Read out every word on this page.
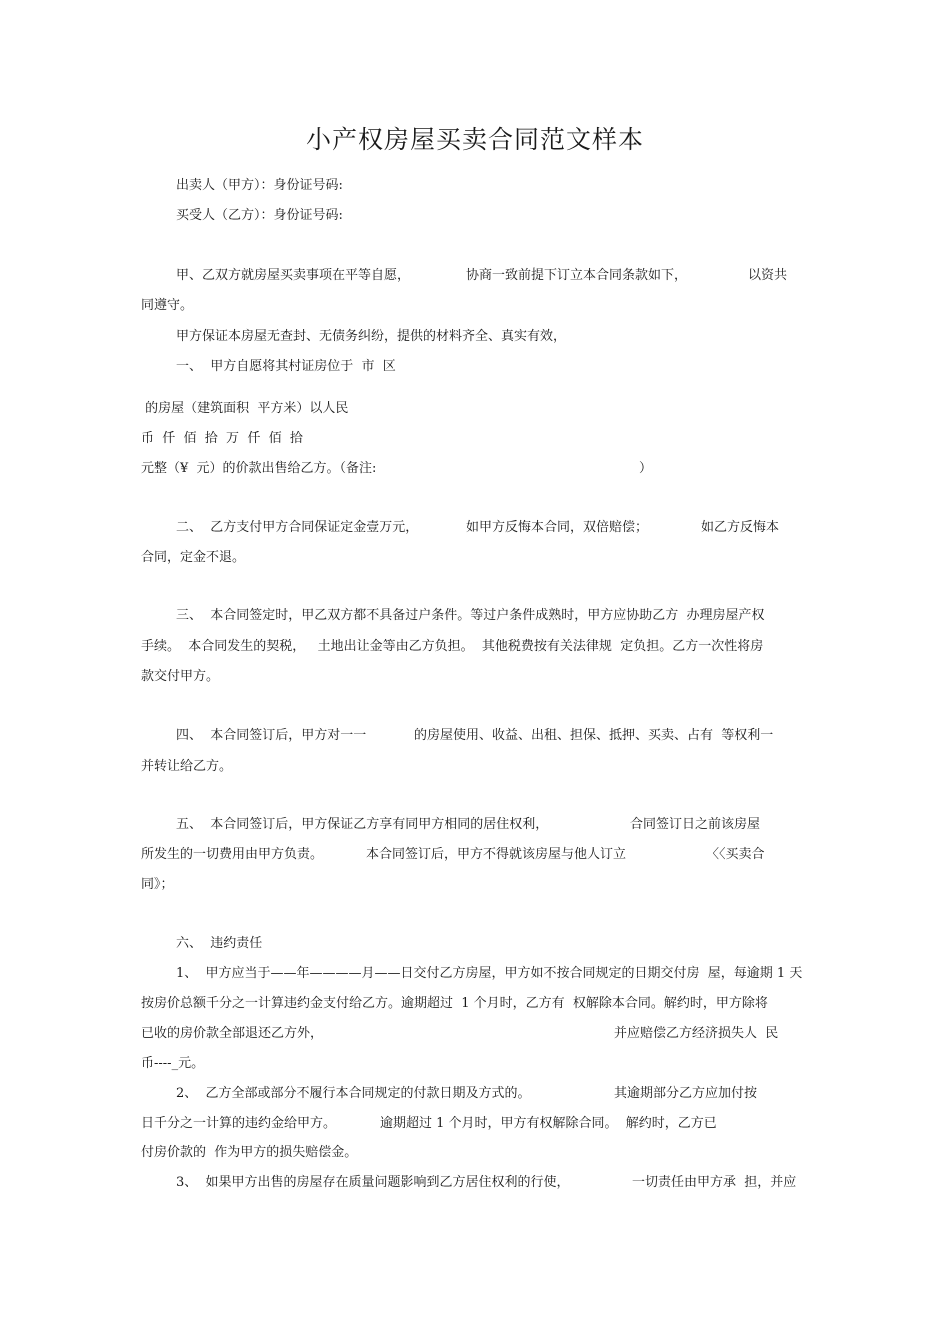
小产权房屋买卖合同范文样本
出卖人（甲方）：身份证号码:
买受人（乙方）：身份证号码:
甲、乙双方就房屋买卖事项在平等自愿，	协商一致前提下订立本合同条款如下，	以资共
同遵守。
甲方保证本房屋无查封、无债务纠纷，提供的材料齐全、真实有效，
一、  甲方自愿将其村证房位于  市  区
的房屋（建筑面积  平方米）以人民
币  仟  佰  拾  万  仟  佰  拾
元整（¥  元）的价款出售给乙方。（备注:	）
二、  乙方支付甲方合同保证定金壹万元，	如甲方反悔本合同，双倍赔偿；	如乙方反悔本
合同，定金不退。
三、  本合同签定时，甲乙双方都不具备过户条件。等过户条件成熟时，甲方应协助乙方  办理房屋产权
手续。  本合同发生的契税，   土地出让金等由乙方负担。  其他税费按有关法律规  定负担。乙方一次性将房
款交付甲方。
四、  本合同签订后，甲方对一一	的房屋使用、收益、出租、担保、抵押、买卖、占有  等权利一
并转让给乙方。
五、  本合同签订后，甲方保证乙方享有同甲方相同的居住权利，	合同签订日之前该房屋
所发生的一切费用由甲方负责。	本合同签订后，甲方不得就该房屋与他人订立	〈〈买卖合
同》；
六、  违约责任
1、  甲方应当于——年————月——日交付乙方房屋，甲方如不按合同规定的日期交付房  屋，每逾期 1 天
按房价总额千分之一计算违约金支付给乙方。逾期超过  1 个月时，乙方有  权解除本合同。解约时，甲方除将
已收的房价款全部退还乙方外，	并应赔偿乙方经济损失人  民
币----_元。
2、  乙方全部或部分不履行本合同规定的付款日期及方式的。	其逾期部分乙方应加付按
日千分之一计算的违约金给甲方。	逾期超过 1 个月时，甲方有权解除合同。  解约时，乙方已
付房价款的  作为甲方的损失赔偿金。
3、  如果甲方出售的房屋存在质量问题影响到乙方居住权利的行使，	一切责任由甲方承  担，并应
